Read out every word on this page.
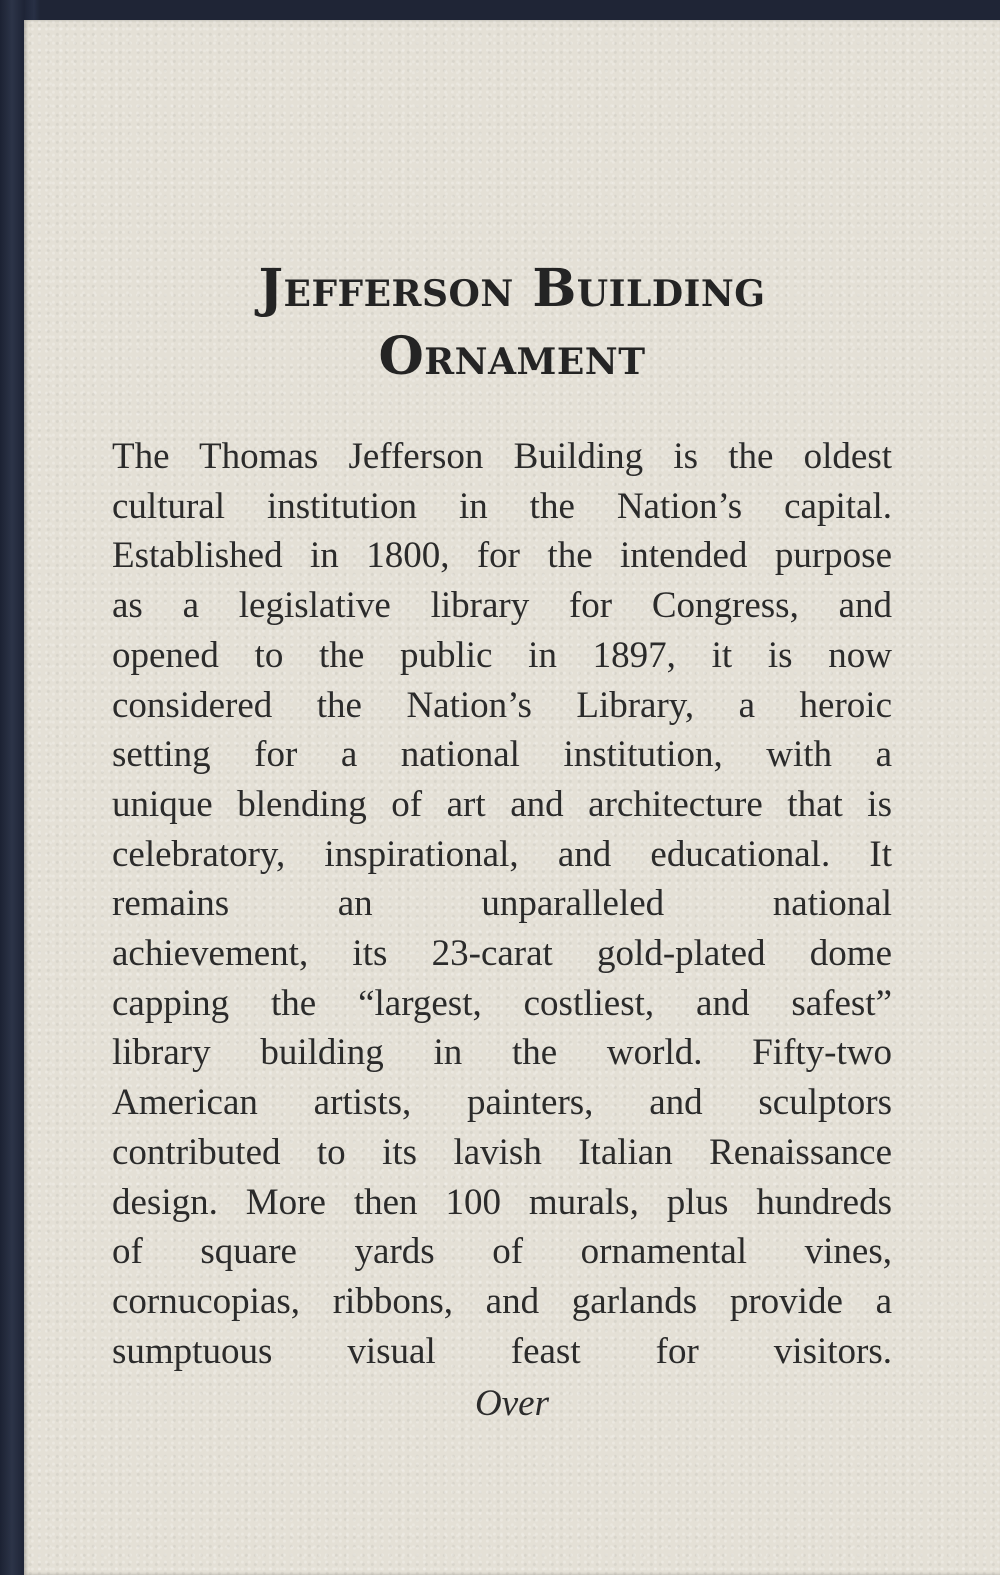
Jefferson Building
Ornament

The Thomas Jefferson Building is the oldest
cultural institution in the Nation’s capital.
Established in 1800, for the intended purpose
as a legislative library for Congress, and
opened to the public in 1897, it is now
considered the Nation’s Library, a heroic
setting for a national institution, with a
unique blending of art and architecture that is
celebratory, inspirational, and educational. It
remains an unparalleled national
achievement, its 23-carat gold-plated dome
capping the “largest, costliest, and safest”
library building in the world. Fifty-two
American artists, painters, and sculptors
contributed to its lavish Italian Renaissance
design. More then 100 murals, plus hundreds
of square yards of ornamental vines,
cornucopias, ribbons, and garlands provide a
sumptuous visual feast for visitors.

Over
